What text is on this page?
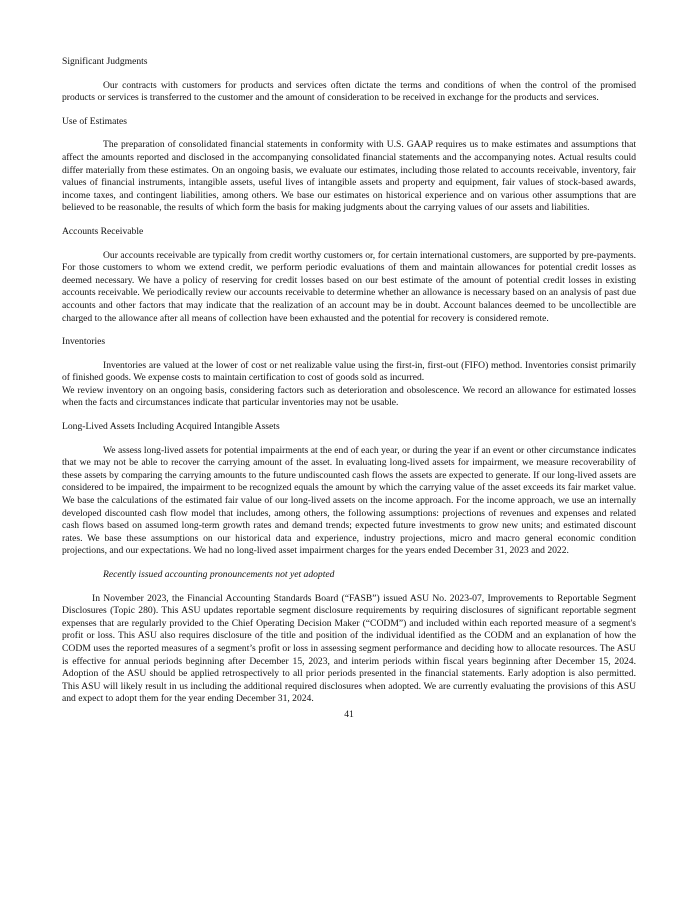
Significant Judgments

Our contracts with customers for products and services often dictate the terms and conditions of when the control of the promised products or services is transferred to the customer and the amount of consideration to be received in exchange for the products and services.

Use of Estimates

The preparation of consolidated financial statements in conformity with U.S. GAAP requires us to make estimates and assumptions that affect the amounts reported and disclosed in the accompanying consolidated financial statements and the accompanying notes. Actual results could differ materially from these estimates. On an ongoing basis, we evaluate our estimates, including those related to accounts receivable, inventory, fair values of financial instruments, intangible assets, useful lives of intangible assets and property and equipment, fair values of stock-based awards, income taxes, and contingent liabilities, among others. We base our estimates on historical experience and on various other assumptions that are believed to be reasonable, the results of which form the basis for making judgments about the carrying values of our assets and liabilities.

Accounts Receivable

Our accounts receivable are typically from credit worthy customers or, for certain international customers, are supported by pre-payments. For those customers to whom we extend credit, we perform periodic evaluations of them and maintain allowances for potential credit losses as deemed necessary. We have a policy of reserving for credit losses based on our best estimate of the amount of potential credit losses in existing accounts receivable. We periodically review our accounts receivable to determine whether an allowance is necessary based on an analysis of past due accounts and other factors that may indicate that the realization of an account may be in doubt. Account balances deemed to be uncollectible are charged to the allowance after all means of collection have been exhausted and the potential for recovery is considered remote.

Inventories

Inventories are valued at the lower of cost or net realizable value using the first-in, first-out (FIFO) method. Inventories consist primarily of finished goods. We expense costs to maintain certification to cost of goods sold as incurred.

We review inventory on an ongoing basis, considering factors such as deterioration and obsolescence. We record an allowance for estimated losses when the facts and circumstances indicate that particular inventories may not be usable.

Long-Lived Assets Including Acquired Intangible Assets

We assess long-lived assets for potential impairments at the end of each year, or during the year if an event or other circumstance indicates that we may not be able to recover the carrying amount of the asset. In evaluating long-lived assets for impairment, we measure recoverability of these assets by comparing the carrying amounts to the future undiscounted cash flows the assets are expected to generate. If our long-lived assets are considered to be impaired, the impairment to be recognized equals the amount by which the carrying value of the asset exceeds its fair market value. We base the calculations of the estimated fair value of our long-lived assets on the income approach. For the income approach, we use an internally developed discounted cash flow model that includes, among others, the following assumptions: projections of revenues and expenses and related cash flows based on assumed long-term growth rates and demand trends; expected future investments to grow new units; and estimated discount rates. We base these assumptions on our historical data and experience, industry projections, micro and macro general economic condition projections, and our expectations. We had no long-lived asset impairment charges for the years ended December 31, 2023 and 2022.

Recently issued accounting pronouncements not yet adopted

In November 2023, the Financial Accounting Standards Board (“FASB”) issued ASU No. 2023-07, Improvements to Reportable Segment Disclosures (Topic 280). This ASU updates reportable segment disclosure requirements by requiring disclosures of significant reportable segment expenses that are regularly provided to the Chief Operating Decision Maker (“CODM”) and included within each reported measure of a segment's profit or loss. This ASU also requires disclosure of the title and position of the individual identified as the CODM and an explanation of how the CODM uses the reported measures of a segment’s profit or loss in assessing segment performance and deciding how to allocate resources. The ASU is effective for annual periods beginning after December 15, 2023, and interim periods within fiscal years beginning after December 15, 2024. Adoption of the ASU should be applied retrospectively to all prior periods presented in the financial statements. Early adoption is also permitted. This ASU will likely result in us including the additional required disclosures when adopted. We are currently evaluating the provisions of this ASU and expect to adopt them for the year ending December 31, 2024.

41
